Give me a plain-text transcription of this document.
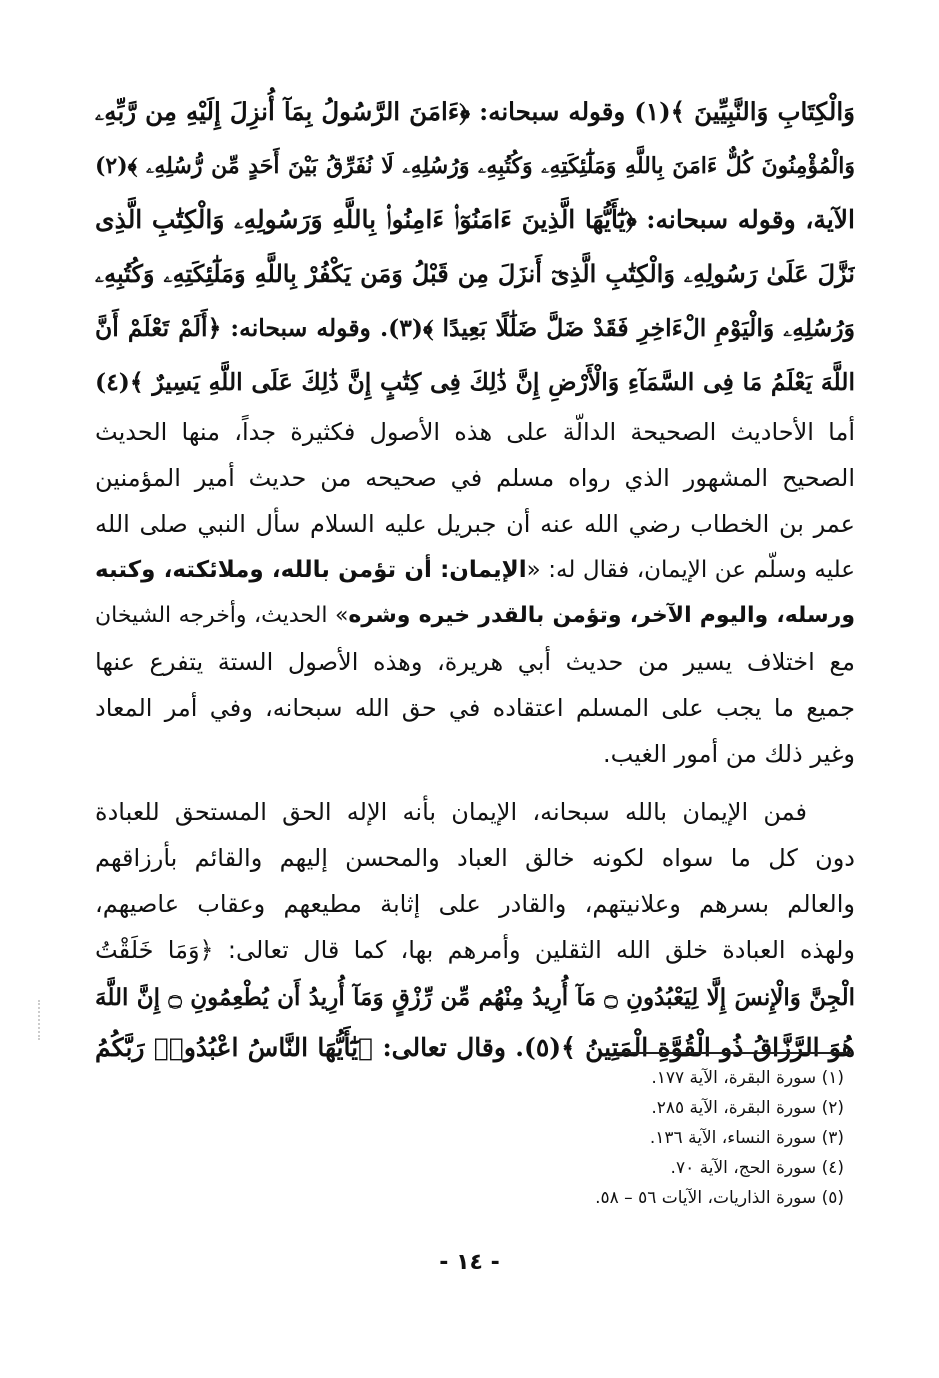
وَالْكِتَابِ وَالنَّبِيِّينَ ﴾(١) وقوله سبحانه: ﴿ءَامَنَ الرَّسُولُ بِمَآ أُنزِلَ إِلَيْهِ مِن رَّبِّهِۦ
وَالْمُؤْمِنُونَ كُلٌّ ءَامَنَ بِاللَّهِ وَمَلَٰٓئِكَتِهِۦ وَكُتُبِهِۦ وَرُسُلِهِۦ لَا نُفَرِّقُ بَيْنَ أَحَدٍ مِّن رُّسُلِهِۦ ﴾(٢)
الآية، وقوله سبحانه: ﴿يَٰٓأَيُّهَا الَّذِينَ ءَامَنُوٓا۟ ءَامِنُوا۟ بِاللَّهِ وَرَسُولِهِۦ وَالْكِتَٰبِ الَّذِى
نَزَّلَ عَلَىٰ رَسُولِهِۦ وَالْكِتَٰبِ الَّذِىٓ أَنزَلَ مِن قَبْلُ وَمَن يَكْفُرْ بِاللَّهِ وَمَلَٰٓئِكَتِهِۦ وَكُتُبِهِۦ
وَرُسُلِهِۦ وَالْيَوْمِ الْءَاخِرِ فَقَدْ ضَلَّ ضَلَٰلًا بَعِيدًا ﴾(٣). وقوله سبحانه: ﴿أَلَمْ تَعْلَمْ أَنَّ
اللَّهَ يَعْلَمُ مَا فِى السَّمَآءِ وَالْأَرْضِ إِنَّ ذَٰلِكَ فِى كِتَٰبٍ إِنَّ ذَٰلِكَ عَلَى اللَّهِ يَسِيرٌ ﴾(٤)
أما الأحاديث الصحيحة الدالّة على هذه الأصول فكثيرة جداً، منها الحديث
الصحيح المشهور الذي رواه مسلم في صحيحه من حديث أمير المؤمنين
عمر بن الخطاب رضي الله عنه أن جبريل عليه السلام سأل النبي صلى الله
عليه وسلّم عن الإيمان، فقال له: «الإيمان: أن تؤمن بالله، وملائكته، وكتبه
ورسله، واليوم الآخر، وتؤمن بالقدر خيره وشره» الحديث، وأخرجه الشيخان
مع اختلاف يسير من حديث أبي هريرة، وهذه الأصول الستة يتفرع عنها
جميع ما يجب على المسلم اعتقاده في حق الله سبحانه، وفي أمر المعاد
وغير ذلك من أمور الغيب.
فمن الإيمان بالله سبحانه، الإيمان بأنه الإله الحق المستحق للعبادة
دون كل ما سواه لكونه خالق العباد والمحسن إليهم والقائم بأرزاقهم
والعالم بسرهم وعلانيتهم، والقادر على إثابة مطيعهم وعقاب عاصيهم،
ولهذه العبادة خلق الله الثقلين وأمرهم بها، كما قال تعالى: ﴿وَمَا خَلَقْتُ
الْجِنَّ وَالْإِنسَ إِلَّا لِيَعْبُدُونِ ۝ مَآ أُرِيدُ مِنْهُم مِّن رِّزْقٍ وَمَآ أُرِيدُ أَن يُطْعِمُونِ ۝ إِنَّ اللَّهَ
هُوَ الرَّزَّاقُ ذُو الْقُوَّةِ الْمَتِينُ ﴾(٥). وقال تعالى: ﴿يَٰٓأَيُّهَا النَّاسُ اعْبُدُوا۟ رَبَّكُمُ
(١) سورة البقرة، الآية ١٧٧.
(٢) سورة البقرة، الآية ٢٨٥.
(٣) سورة النساء، الآية ١٣٦.
(٤) سورة الحج، الآية ٧٠.
(٥) سورة الذاريات، الآيات ٥٦ – ٥٨.
- ١٤ -
